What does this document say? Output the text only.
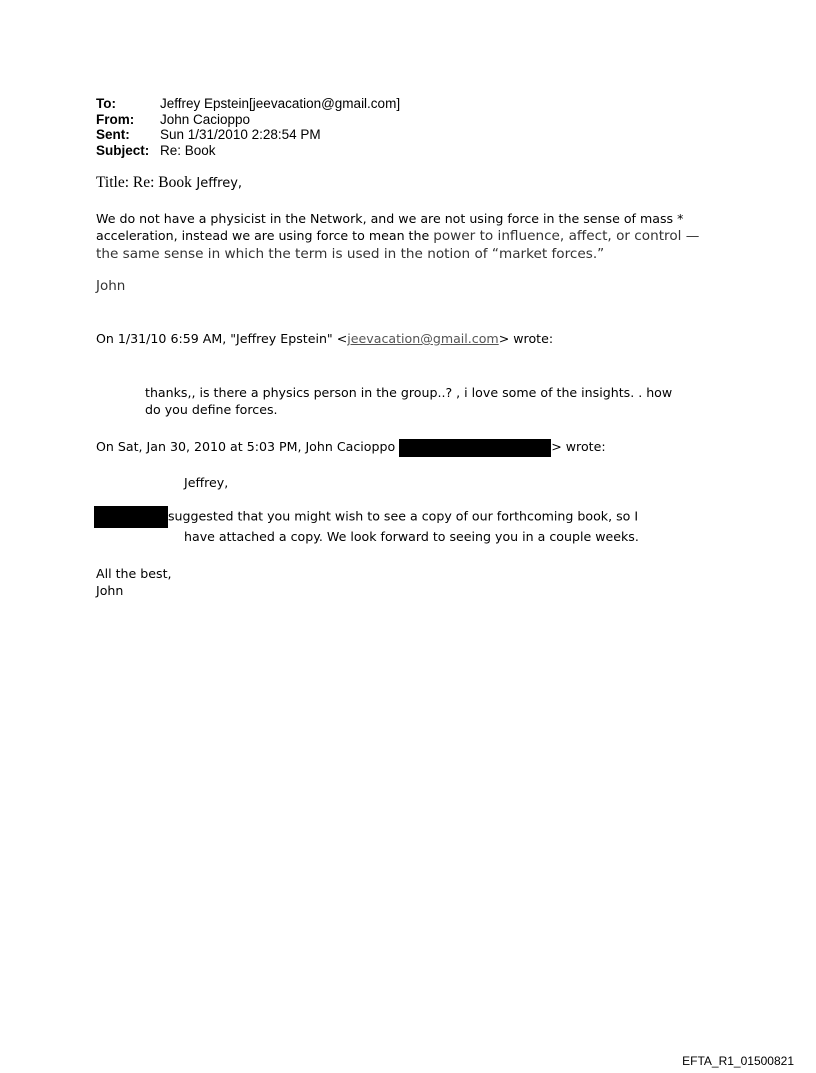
To:	Jeffrey Epstein[jeevacation@gmail.com]
From:	John Cacioppo
Sent:	Sun 1/31/2010 2:28:54 PM
Subject: Re: Book
Title: Re: Book Jeffrey,
We do not have a physicist in the Network, and we are not using force in the sense of mass * acceleration, instead we are using force to mean the power to influence, affect, or control — the same sense in which the term is used in the notion of “market forces.”
John
On 1/31/10 6:59 AM, "Jeffrey Epstein" <jeevacation@gmail.com> wrote:
thanks,, is there a physics person in the group..? , i love some of the insights. . how do you define forces.
On Sat, Jan 30, 2010 at 5:03 PM, John Cacioppo	> wrote:
Jeffrey,
suggested that you might wish to see a copy of our forthcoming book, so I
have attached a copy. We look forward to seeing you in a couple weeks.
All the best,
John
EFTA_R1_01500821
